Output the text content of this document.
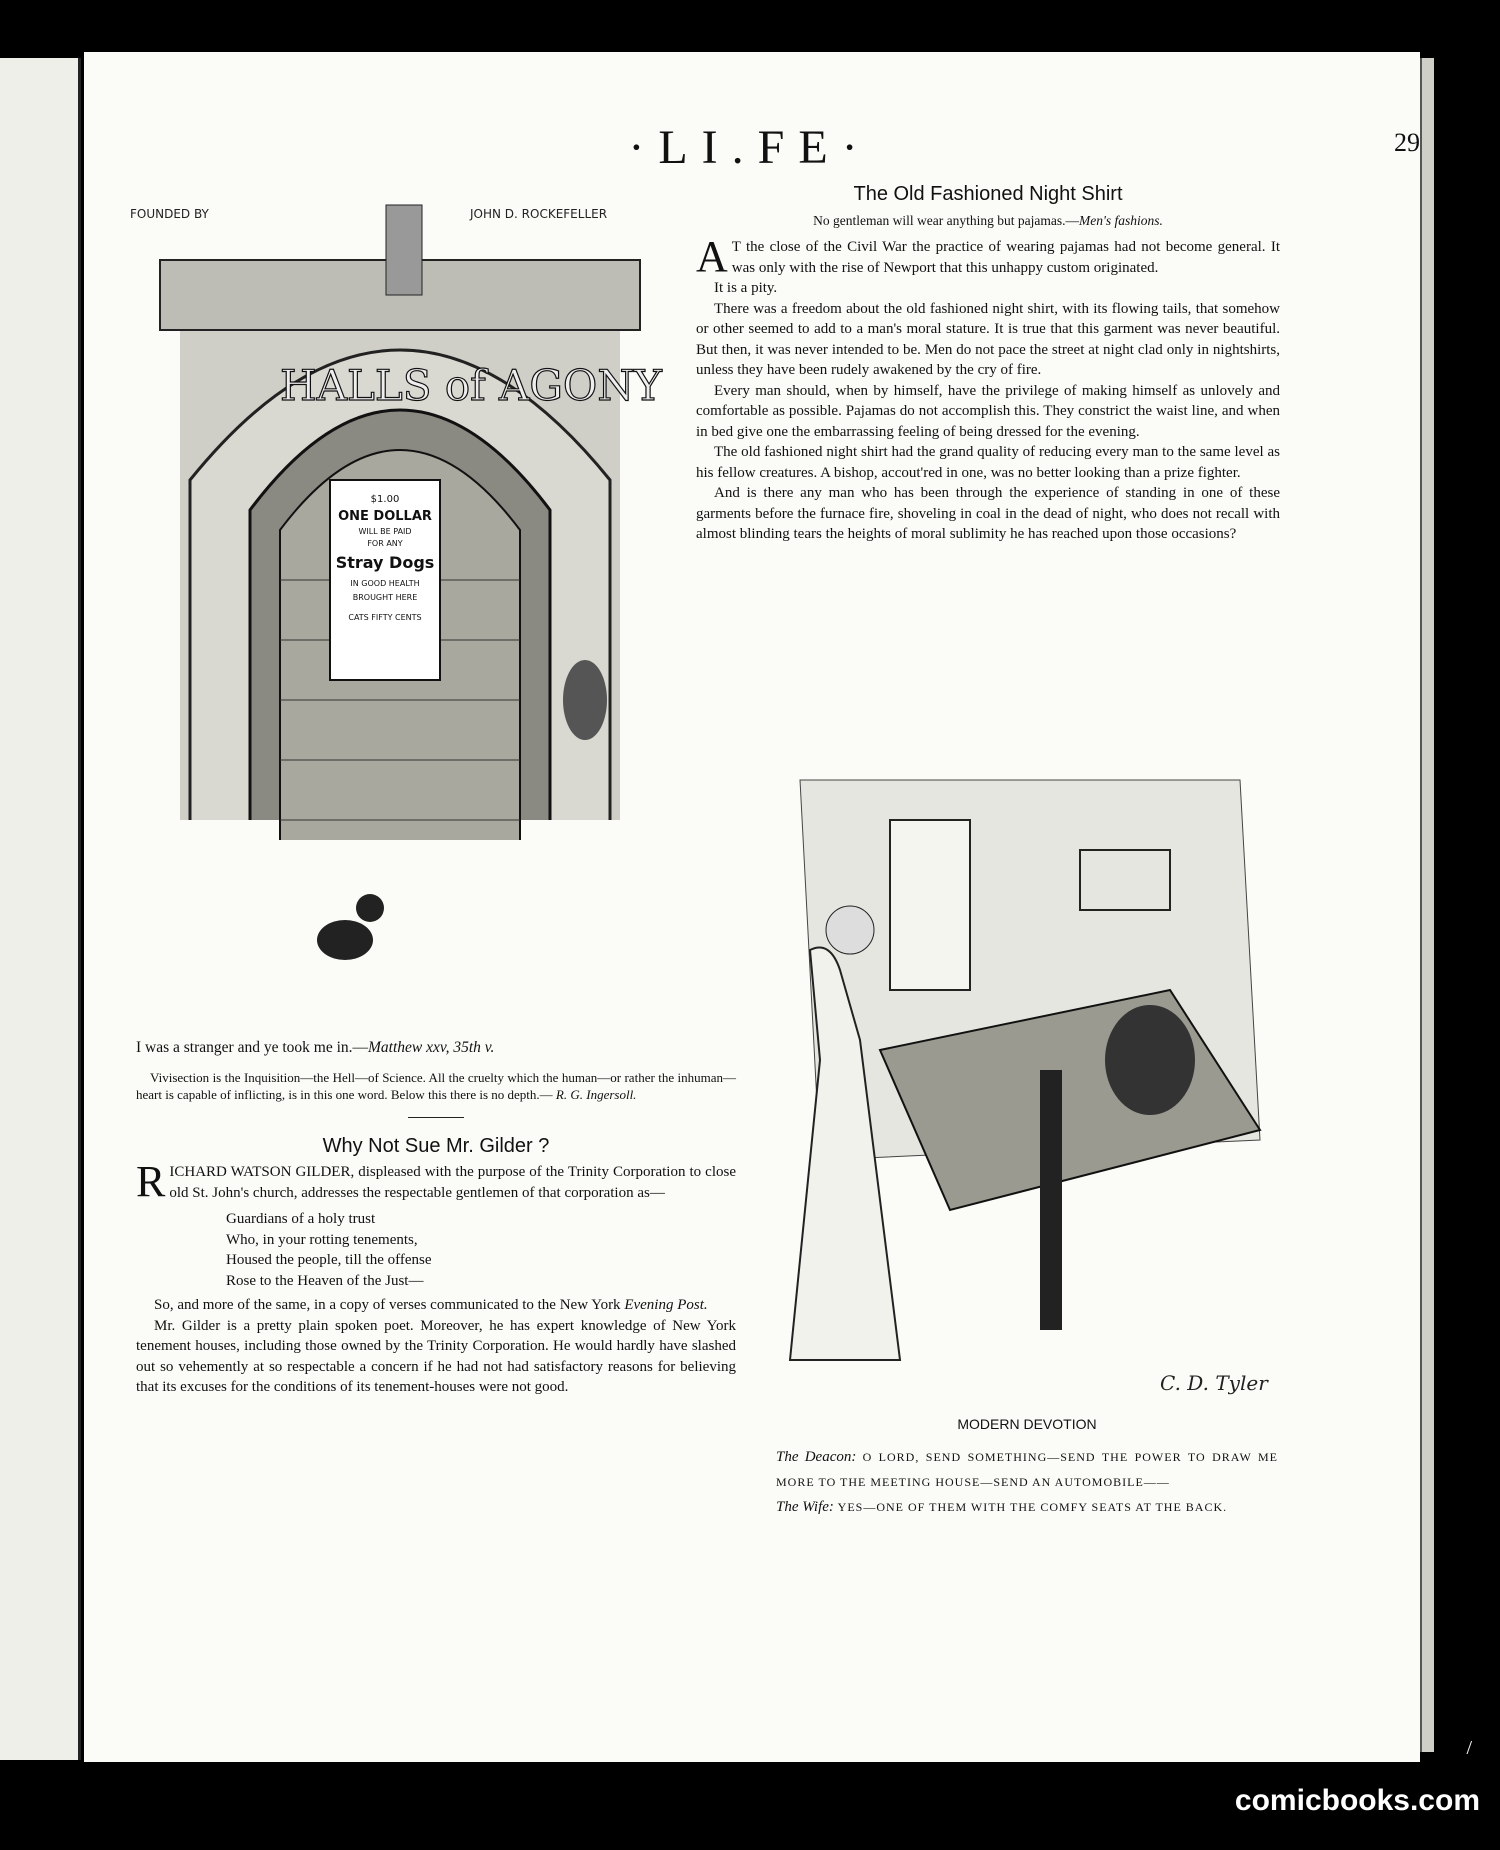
·LI.FE·	29
FOUNDED BY	JOHN D. ROCKEFELLER
HALLS of AGONY
$1.00
ONE DOLLAR
WILL BE PAID
FOR ANY
Stray Dogs
IN GOOD HEALTH
BROUGHT HERE
CATS FIFTY CENTS
I was a stranger and ye took me in.—Matthew xxv, 35th v.

Vivisection is the Inquisition—the Hell—of Science. All the cruelty which the human—or rather the inhuman—heart is capable of inflicting, is in this one word. Below this there is no depth.— R. G. Ingersoll.

Why Not Sue Mr. Gilder ?

R ICHARD WATSON GILDER, displeased with the purpose of the Trinity Corporation to close old St. John's church, addresses the respectable gentlemen of that corporation as—

Guardians of a holy trust
Who, in your rotting tenements,
Housed the people, till the offense
Rose to the Heaven of the Just—

So, and more of the same, in a copy of verses communicated to the New York Evening Post.

Mr. Gilder is a pretty plain spoken poet. Moreover, he has expert knowledge of New York tenement houses, including those owned by the Trinity Corporation. He would hardly have slashed out so vehemently at so respectable a concern if he had not had satisfactory reasons for believing that its excuses for the conditions of its tenement-houses were not good.

The Old Fashioned Night Shirt

No gentleman will wear anything but pajamas.—Men's fashions.

A T the close of the Civil War the practice of wearing pajamas had not become general. It was only with the rise of Newport that this unhappy custom originated.

It is a pity.

There was a freedom about the old fashioned night shirt, with its flowing tails, that somehow or other seemed to add to a man's moral stature. It is true that this garment was never beautiful. But then, it was never intended to be. Men do not pace the street at night clad only in nightshirts, unless they have been rudely awakened by the cry of fire.

Every man should, when by himself, have the privilege of making himself as unlovely and comfortable as possible. Pajamas do not accomplish this. They constrict the waist line, and when in bed give one the embarrassing feeling of being dressed for the evening.

The old fashioned night shirt had the grand quality of reducing every man to the same level as his fellow creatures. A bishop, accout'red in one, was no better looking than a prize fighter.

And is there any man who has been through the experience of standing in one of these garments before the furnace fire, shoveling in coal in the dead of night, who does not recall with almost blinding tears the heights of moral sublimity he has reached upon those occasions?

C. D. Tyler
MODERN DEVOTION
The Deacon: O LORD, SEND SOMETHING—SEND THE POWER TO DRAW ME MORE TO THE MEETING HOUSE—SEND AN AUTOMOBILE——
The Wife: YES—ONE OF THEM WITH THE COMFY SEATS AT THE BACK.
/
comicbooks.com
